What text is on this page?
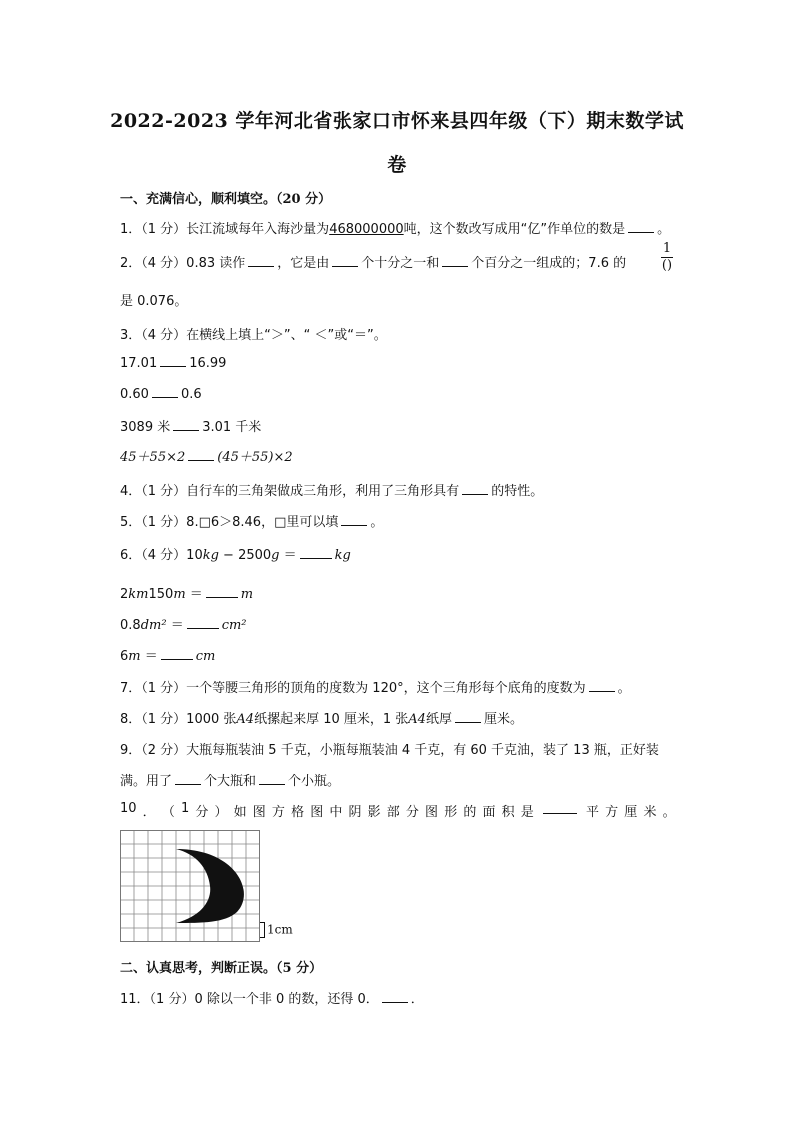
2022-2023 学年河北省张家口市怀来县四年级（下）期末数学试
卷
一、充满信心，顺利填空。（20 分）
1．（1 分）长江流域每年入海沙量为468000000吨，这个数改写成用“亿”作单位的数是 。
2．（4 分）0.83 读作 ，它是由 个十分之一和 个百分之一组成的；7.6 的
1
()
是 0.076。
3．（4 分）在横线上填上“＞”、“ ＜”或“＝”。
17.01 16.99
0.60 0.6
3089 米 3.01 千米
45＋55×2 (45＋55)×2
4．（1 分）自行车的三角架做成三角形，利用了三角形具有 的特性。
5．（1 分）8.□6＞8.46，□里可以填 。
6．（4 分）10kg − 2500g ＝	kg
2km150m ＝	m
0.8dm² ＝	cm²
6m ＝	cm
7．（1 分）一个等腰三角形的顶角的度数为 120°，这个三角形每个底角的度数为 。
8．（1 分）1000 张A4纸摞起来厚 10 厘米，1 张A4纸厚 厘米。
9．（2 分）大瓶每瓶装油 5 千克，小瓶每瓶装油 4 千克，有 60 千克油，装了 13 瓶，正好装
满。用了 个大瓶和 个小瓶。
10 ． （ 1 分 ） 如 图 方 格 图 中 阴 影 部 分 图 形 的 面 积 是	平 方 厘 米 。
1cm
二、认真思考，判断正误。（5 分）
11．（1 分）0 除以一个非 0 的数，还得 0． ．
